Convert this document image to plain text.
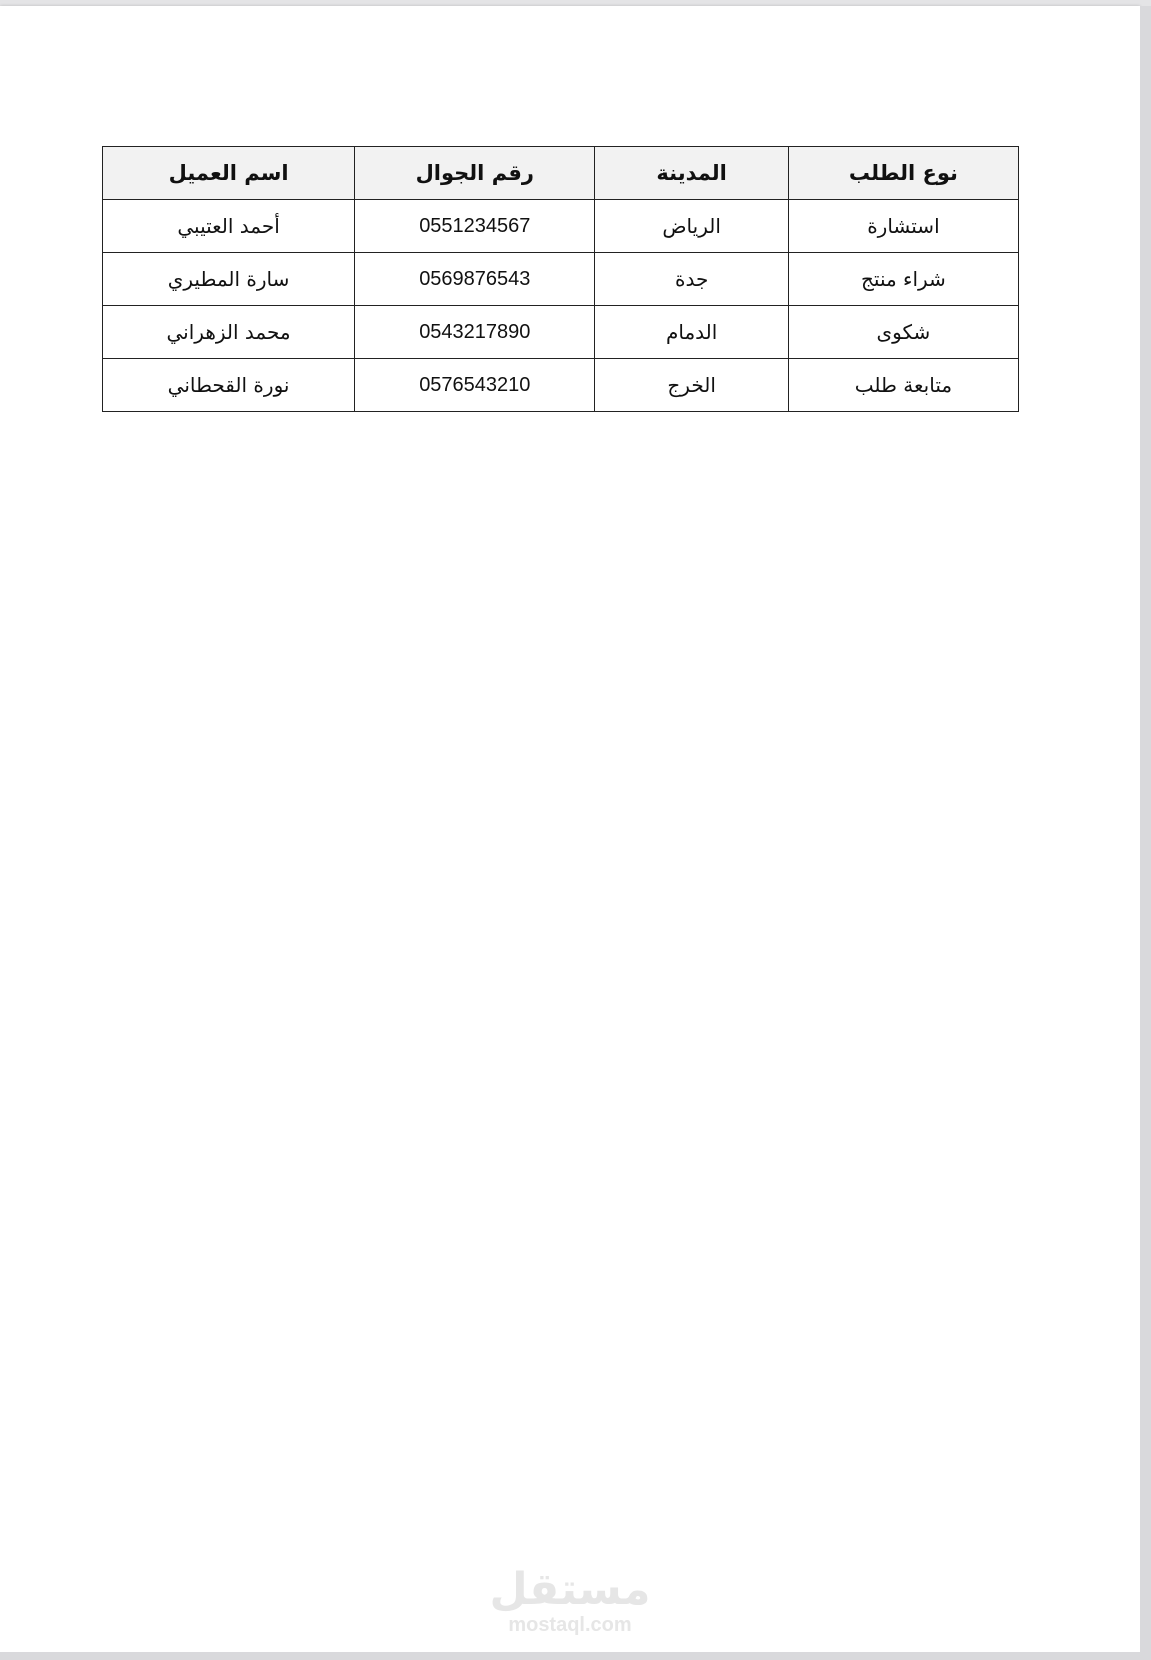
نوع الطلب	المدينة	رقم الجوال	اسم العميل
استشارة	الرياض	0551234567	أحمد العتيبي
شراء منتج	جدة	0569876543	سارة المطيري
شكوى	الدمام	0543217890	محمد الزهراني
متابعة طلب	الخرج	0576543210	نورة القحطاني
مستقل
mostaql.com
